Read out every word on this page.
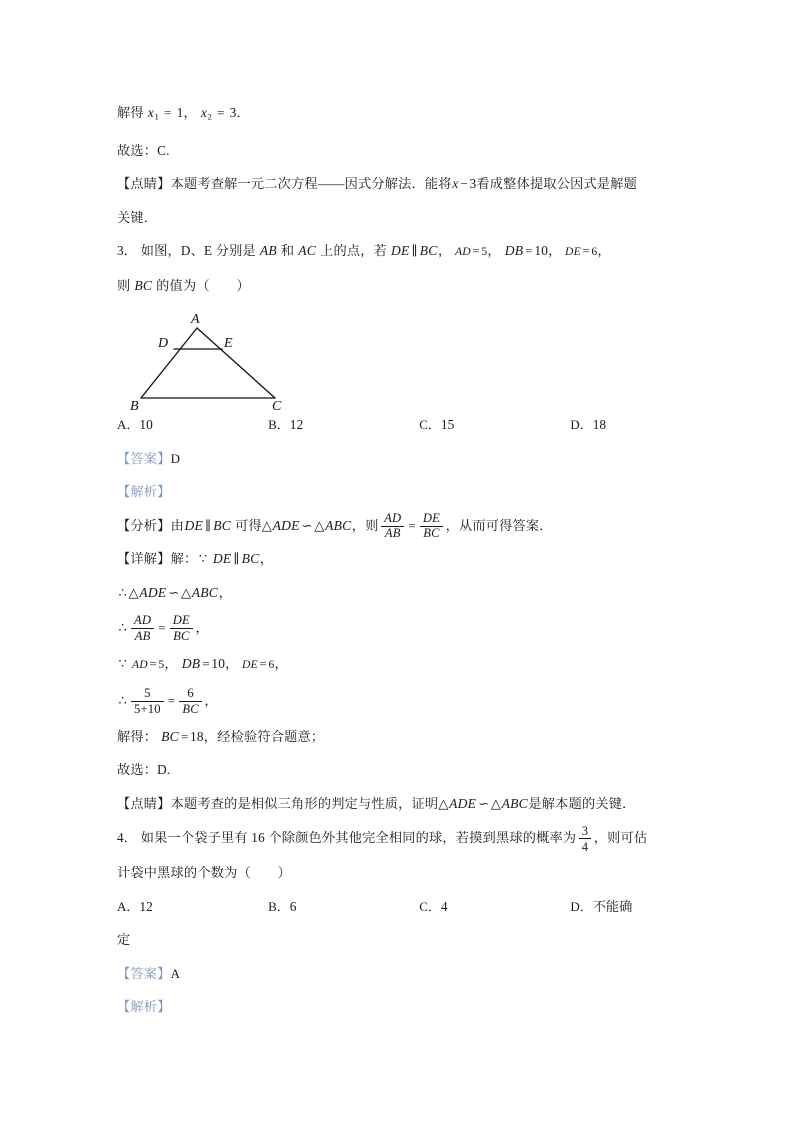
解得 $x_1 = 1$， $x_2 = 3$．
故选：C.
【点睛】本题考查解一元二次方程——因式分解法．能将x − 3看成整体提取公因式是解题
关键．
3． 如图，D、E 分别是 AB 和 AC 上的点，若 DE ∥ BC， AD = 5， DB = 10， DE = 6，
则 BC 的值为（　　）
A
B	C
D	E
A．10	B．12	C．15	D．18
【答案】D
【解析】
【分析】由DE ∥ BC 可得△ADE ∽ △ABC，则 $\frac{AD}{AB} = \frac{DE}{BC}$ ，从而可得答案．
【详解】解： ∵ DE ∥ BC，
∴ △ADE ∽ △ABC，
∴ $\frac{AD}{AB} = \frac{DE}{BC}$ ，
∵ AD = 5， DB = 10， DE = 6，
∴ $\frac{5}{5+10} = \frac{6}{BC}$ ，
解得： BC = 18，经检验符合题意；
故选：D.
【点睛】本题考查的是相似三角形的判定与性质，证明△ADE ∽ △ABC是解本题的关键．
4． 如果一个袋子里有 16 个除颜色外其他完全相同的球，若摸到黑球的概率为 $\frac{3}{4}$ ，则可估
计袋中黑球的个数为（　　）
A．12	B．6	C．4	D．不能确
定
【答案】A
【解析】
